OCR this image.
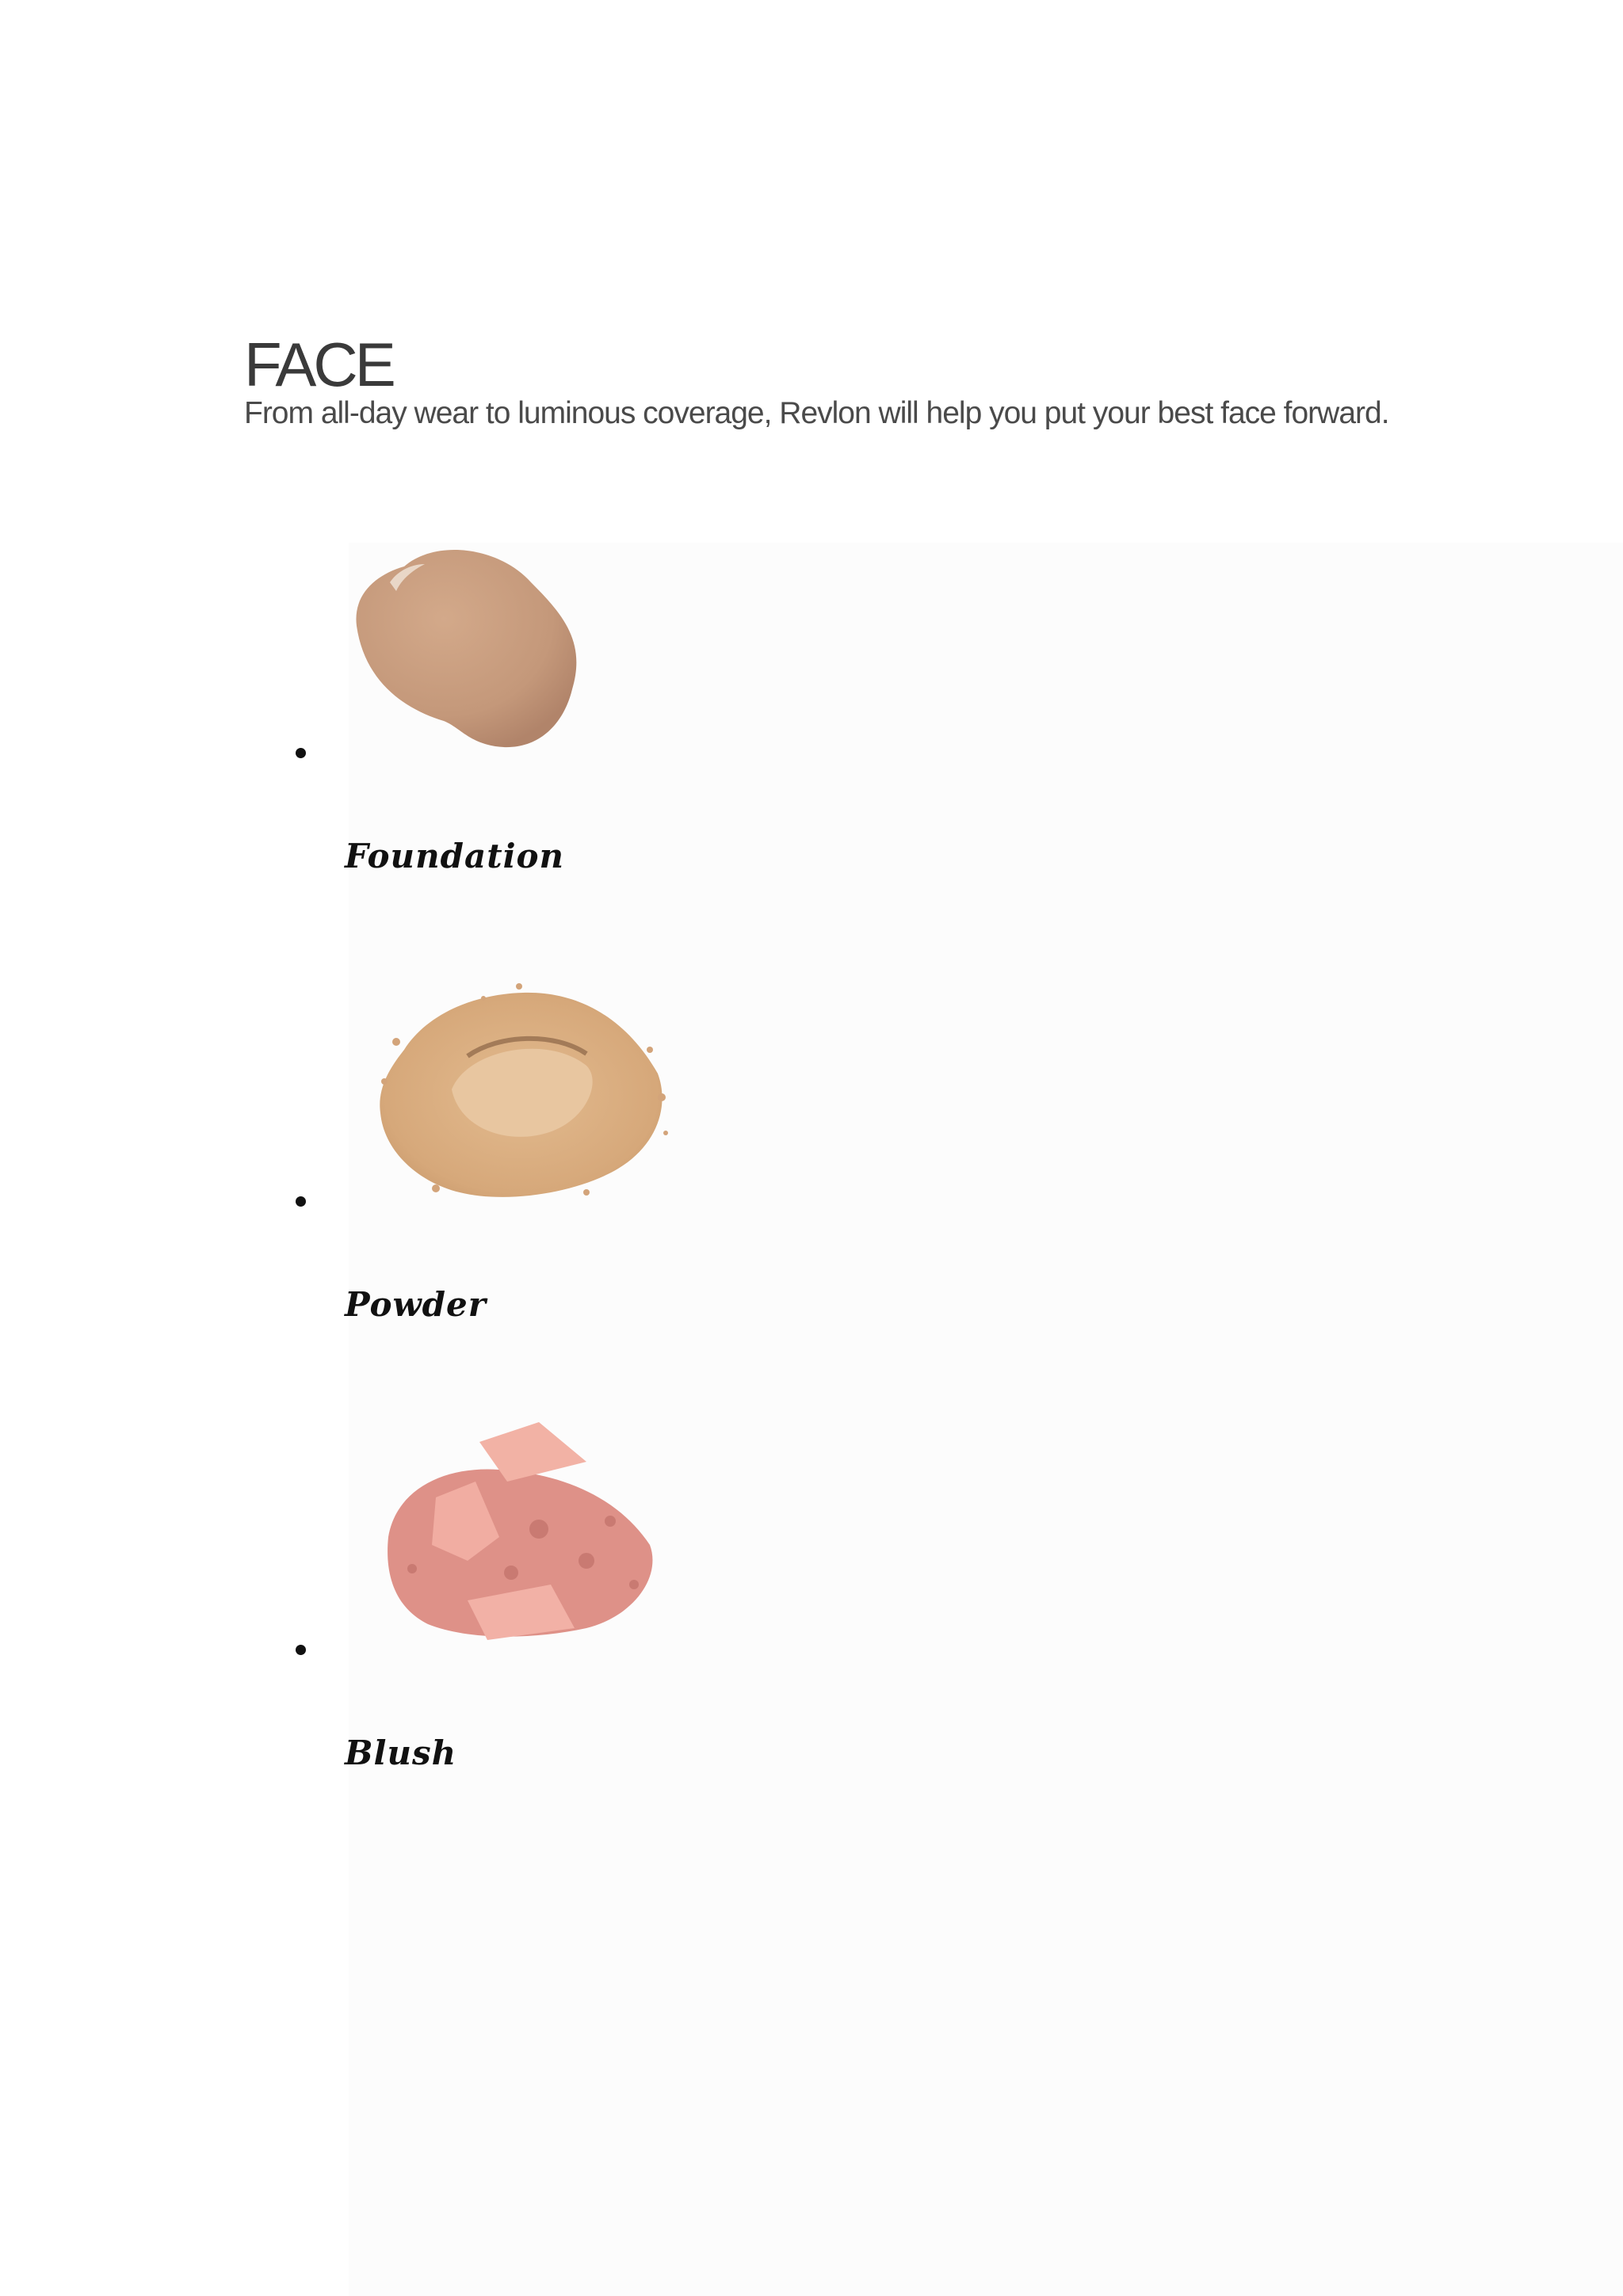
FACE

From all-day wear to luminous coverage, Revlon will help you put your best face forward.

Foundation
Powder
Blush
